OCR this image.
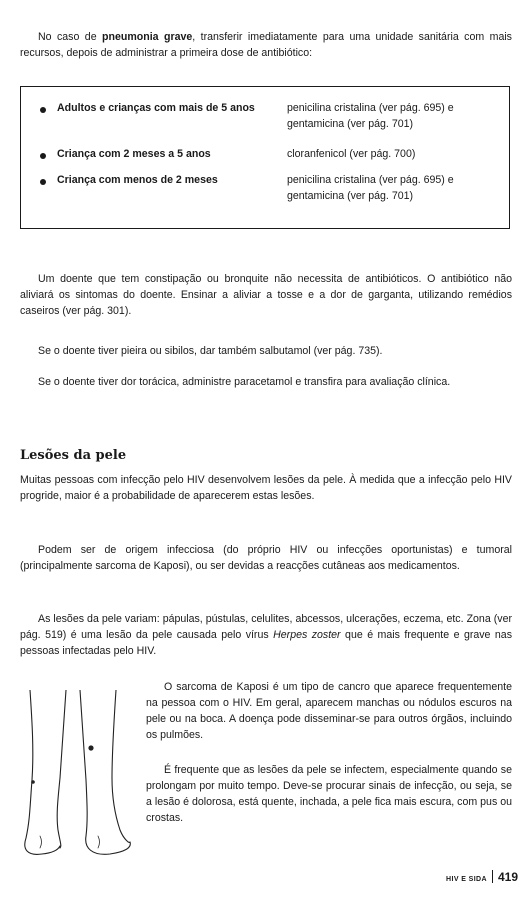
No caso de pneumonia grave, transferir imediatamente para uma unidade sanitária com mais recursos, depois de administrar a primeira dose de antibiótico:

Adultos e crianças com mais de 5 anos	penicilina cristalina (ver pág. 695) e gentamicina (ver pág. 701)
Criança com 2 meses a 5 anos	cloranfenicol (ver pág. 700)
Criança com menos de 2 meses	penicilina cristalina (ver pág. 695) e gentamicina (ver pág. 701)

Um doente que tem constipação ou bronquite não necessita de antibióticos. O antibiótico não aliviará os sintomas do doente. Ensinar a aliviar a tosse e a dor de garganta, utilizando remédios caseiros (ver pág. 301).

Se o doente tiver pieira ou sibilos, dar também salbutamol (ver pág. 735).

Se o doente tiver dor torácica, administre paracetamol e transfira para avaliação clínica.

Lesões da pele

Muitas pessoas com infecção pelo HIV desenvolvem lesões da pele. À medida que a infecção pelo HIV progride, maior é a probabilidade de aparecerem estas lesões.

Podem ser de origem infecciosa (do próprio HIV ou infecções oportunistas) e tumoral (principalmente sarcoma de Kaposi), ou ser devidas a reacções cutâneas aos medicamentos.

As lesões da pele variam: pápulas, pústulas, celulites, abcessos, ulcerações, eczema, etc. Zona (ver pág. 519) é uma lesão da pele causada pelo vírus Herpes zoster que é mais frequente e grave nas pessoas infectadas pelo HIV.

O sarcoma de Kaposi é um tipo de cancro que aparece frequentemente na pessoa com o HIV. Em geral, aparecem manchas ou nódulos escuros na pele ou na boca. A doença pode disseminar-se para outros órgãos, incluindo os pulmões.

É frequente que as lesões da pele se infectem, especialmente quando se prolongam por muito tempo. Deve-se procurar sinais de infecção, ou seja, se a lesão é dolorosa, está quente, inchada, a pele fica mais escura, com pus ou crostas.

HIV E SIDA 419
